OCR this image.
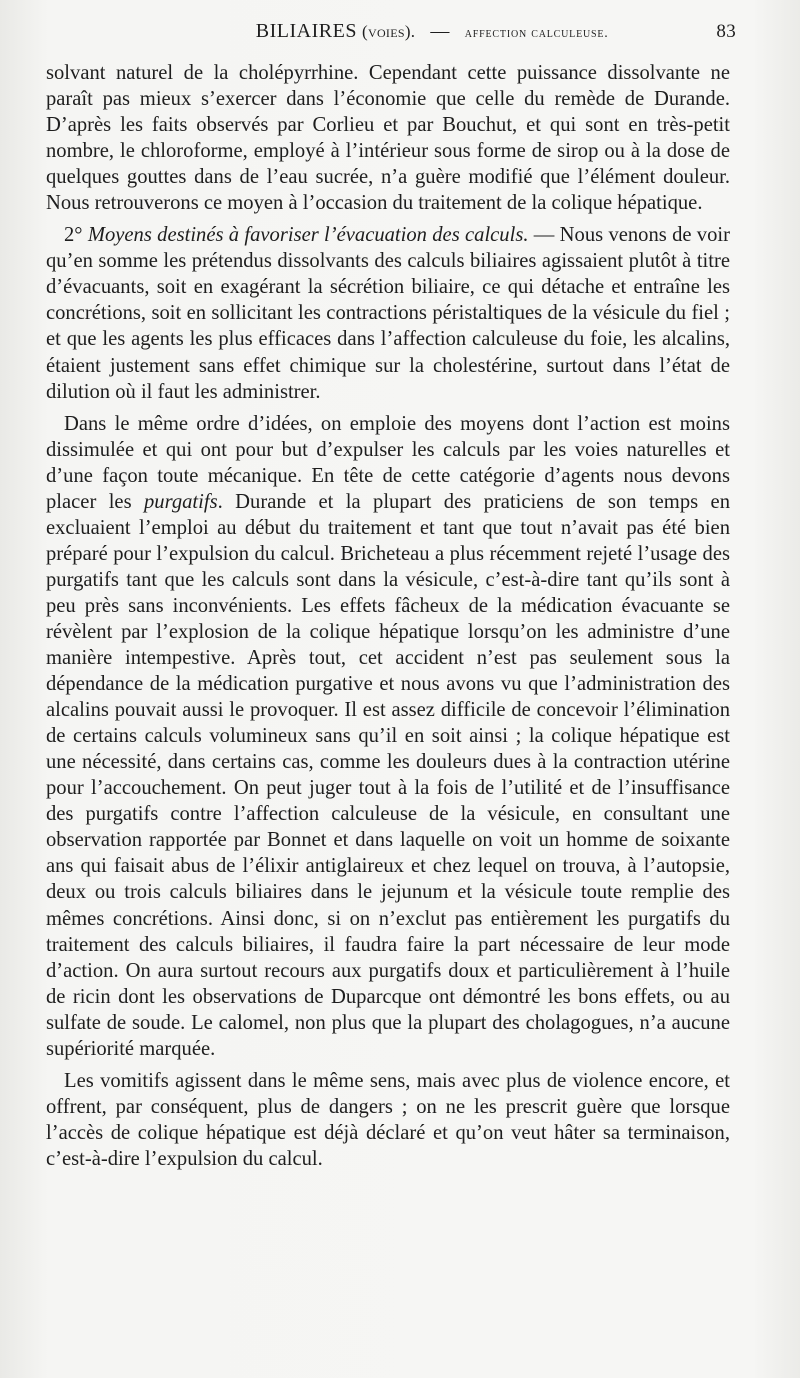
BILIAIRES (voies). — affection calculeuse.	83

solvant naturel de la cholépyrrhine. Cependant cette puissance dissolvante ne paraît pas mieux s’exercer dans l’économie que celle du remède de Durande. D’après les faits observés par Corlieu et par Bouchut, et qui sont en très-petit nombre, le chloroforme, employé à l’intérieur sous forme de sirop ou à la dose de quelques gouttes dans de l’eau sucrée, n’a guère modifié que l’élément douleur. Nous retrouverons ce moyen à l’occasion du traitement de la colique hépatique.

2° Moyens destinés à favoriser l’évacuation des calculs. — Nous venons de voir qu’en somme les prétendus dissolvants des calculs biliaires agissaient plutôt à titre d’évacuants, soit en exagérant la sécrétion biliaire, ce qui détache et entraîne les concrétions, soit en sollicitant les contractions péristaltiques de la vésicule du fiel ; et que les agents les plus efficaces dans l’affection calculeuse du foie, les alcalins, étaient justement sans effet chimique sur la cholestérine, surtout dans l’état de dilution où il faut les administrer.

Dans le même ordre d’idées, on emploie des moyens dont l’action est moins dissimulée et qui ont pour but d’expulser les calculs par les voies naturelles et d’une façon toute mécanique. En tête de cette catégorie d’agents nous devons placer les purgatifs. Durande et la plupart des praticiens de son temps en excluaient l’emploi au début du traitement et tant que tout n’avait pas été bien préparé pour l’expulsion du calcul. Bricheteau a plus récemment rejeté l’usage des purgatifs tant que les calculs sont dans la vésicule, c’est-à-dire tant qu’ils sont à peu près sans inconvénients. Les effets fâcheux de la médication évacuante se révèlent par l’explosion de la colique hépatique lorsqu’on les administre d’une manière intempestive. Après tout, cet accident n’est pas seulement sous la dépendance de la médication purgative et nous avons vu que l’administration des alcalins pouvait aussi le provoquer. Il est assez difficile de concevoir l’élimination de certains calculs volumineux sans qu’il en soit ainsi ; la colique hépatique est une nécessité, dans certains cas, comme les douleurs dues à la contraction utérine pour l’accouchement. On peut juger tout à la fois de l’utilité et de l’insuffisance des purgatifs contre l’affection calculeuse de la vésicule, en consultant une observation rapportée par Bonnet et dans laquelle on voit un homme de soixante ans qui faisait abus de l’élixir antiglaireux et chez lequel on trouva, à l’autopsie, deux ou trois calculs biliaires dans le jejunum et la vésicule toute remplie des mêmes concrétions. Ainsi donc, si on n’exclut pas entièrement les purgatifs du traitement des calculs biliaires, il faudra faire la part nécessaire de leur mode d’action. On aura surtout recours aux purgatifs doux et particulièrement à l’huile de ricin dont les observations de Duparcque ont démontré les bons effets, ou au sulfate de soude. Le calomel, non plus que la plupart des cholagogues, n’a aucune supériorité marquée.

Les vomitifs agissent dans le même sens, mais avec plus de violence encore, et offrent, par conséquent, plus de dangers ; on ne les prescrit guère que lorsque l’accès de colique hépatique est déjà déclaré et qu’on veut hâter sa terminaison, c’est-à-dire l’expulsion du calcul.
